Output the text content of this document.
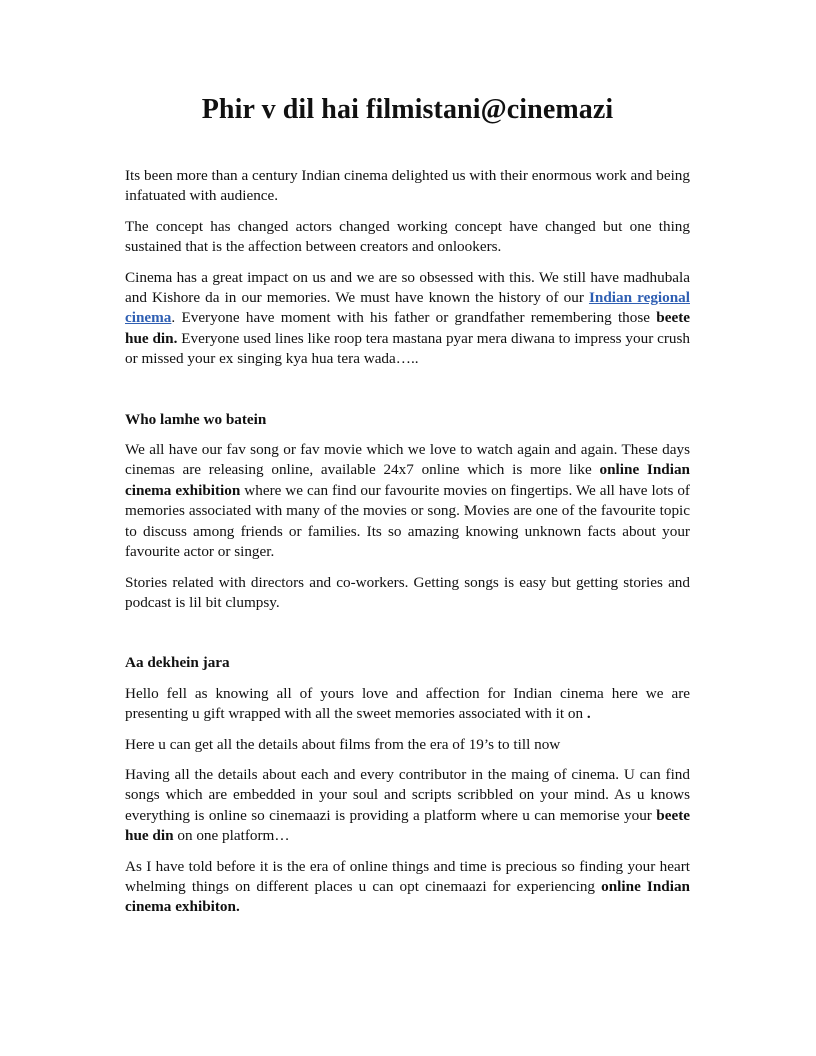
Phir v dil hai filmistani@cinemazi

Its been more than a century Indian cinema delighted us with their enormous work and being infatuated with audience.

The concept has changed actors changed working concept have changed but one thing sustained that is the affection between creators and onlookers.

Cinema has a great impact on us and we are so obsessed with this. We still have madhubala and Kishore da in our memories. We must have known the history of our Indian regional cinema. Everyone have moment with his father or grandfather remembering those beete hue din. Everyone used lines like roop tera mastana pyar mera diwana to impress your crush or missed your ex singing kya hua tera wada…..

Who lamhe wo batein

We all have our fav song or fav movie which we love to watch again and again. These days cinemas are releasing online, available 24x7 online which is more like online Indian cinema exhibition where we can find our favourite movies on fingertips. We all have lots of memories associated with many of the movies or song. Movies are one of the favourite topic to discuss among friends or families. Its so amazing knowing unknown facts about your favourite actor or singer.

Stories related with directors and co-workers. Getting songs is easy but getting stories and podcast is lil bit clumpsy.

Aa dekhein jara

Hello fell as knowing all of yours love and affection for Indian cinema here we are presenting u gift wrapped with all the sweet memories associated with it on .

Here u can get all the details about films from the era of 19’s to till now

Having all the details about each and every contributor in the maing of cinema. U can find songs which are embedded in your soul and scripts scribbled on your mind. As u knows everything is online so cinemaazi is providing a platform where u can memorise your beete hue din on one platform…

As I have told before it is the era of online things and time is precious so finding your heart whelming things on different places u can opt cinemaazi for experiencing online Indian cinema exhibiton.
